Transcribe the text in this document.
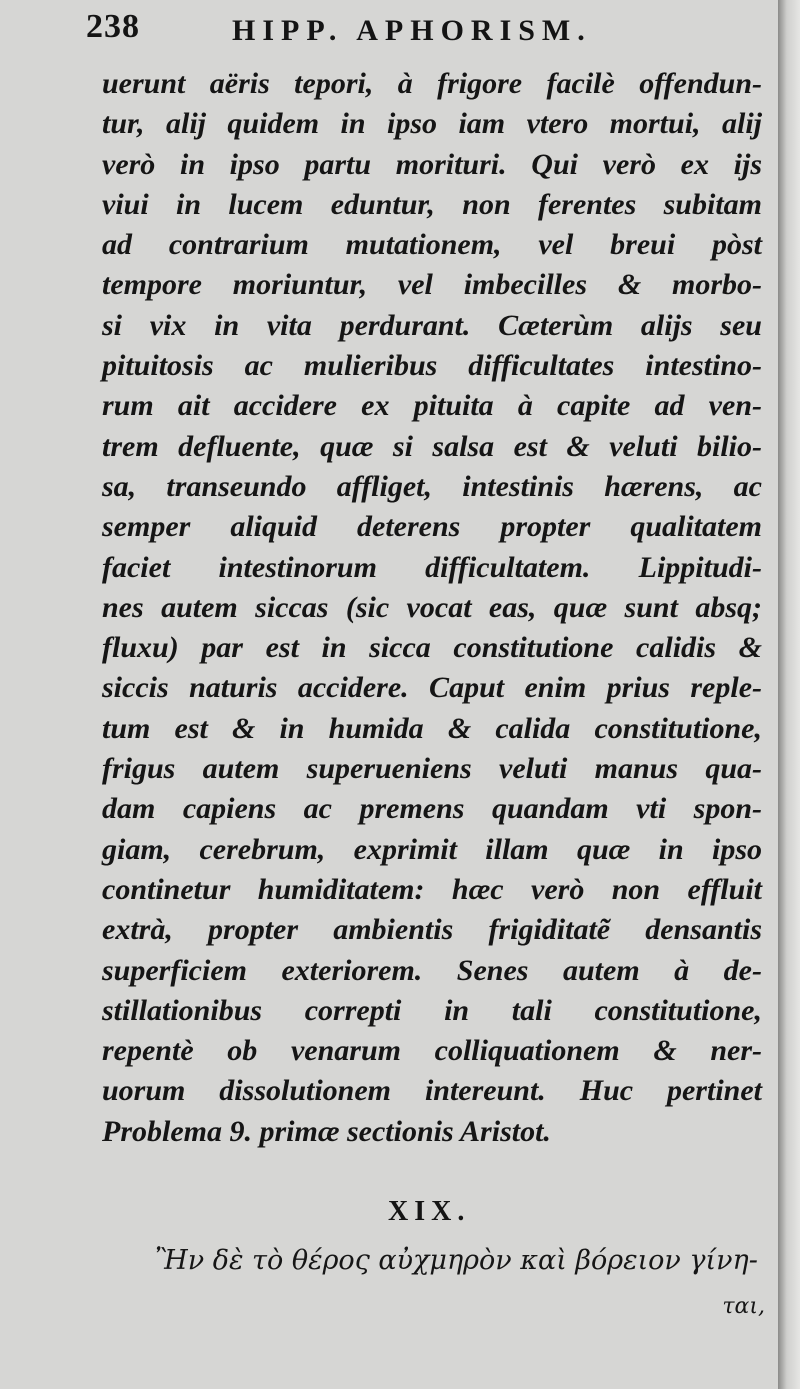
238	HIPP. APHORISM.
uerunt aëris tepori, à frigore facilè offendun-
tur, alij quidem in ipso iam vtero mortui, alij
verò in ipso partu morituri. Qui verò ex ijs
viui in lucem eduntur, non ferentes subitam
ad contrarium mutationem, vel breui pòst
tempore moriuntur, vel imbecilles & morbo-
si vix in vita perdurant. Cæterùm alijs seu
pituitosis ac mulieribus difficultates intestino-
rum ait accidere ex pituita à capite ad ven-
trem defluente, quæ si salsa est & veluti bilio-
sa, transeundo affliget, intestinis hærens, ac
semper aliquid deterens propter qualitatem
faciet intestinorum difficultatem. Lippitudi-
nes autem siccas (sic vocat eas, quæ sunt absq;
fluxu) par est in sicca constitutione calidis &
siccis naturis accidere. Caput enim prius reple-
tum est & in humida & calida constitutione,
frigus autem superueniens veluti manus qua-
dam capiens ac premens quandam vti spon-
giam, cerebrum, exprimit illam quæ in ipso
continetur humiditatem: hæc verò non effluit
extrà, propter ambientis frigiditatẽ densantis
superficiem exteriorem. Senes autem à de-
stillationibus correpti in tali constitutione,
repentè ob venarum colliquationem & ner-
uorum dissolutionem intereunt. Huc pertinet
Problema 9. primæ sectionis Aristot.
XIX.
Ἢν δὲ τὸ θέρος αὐχμηρὸν καὶ βόρειον γίνη-
ται,
